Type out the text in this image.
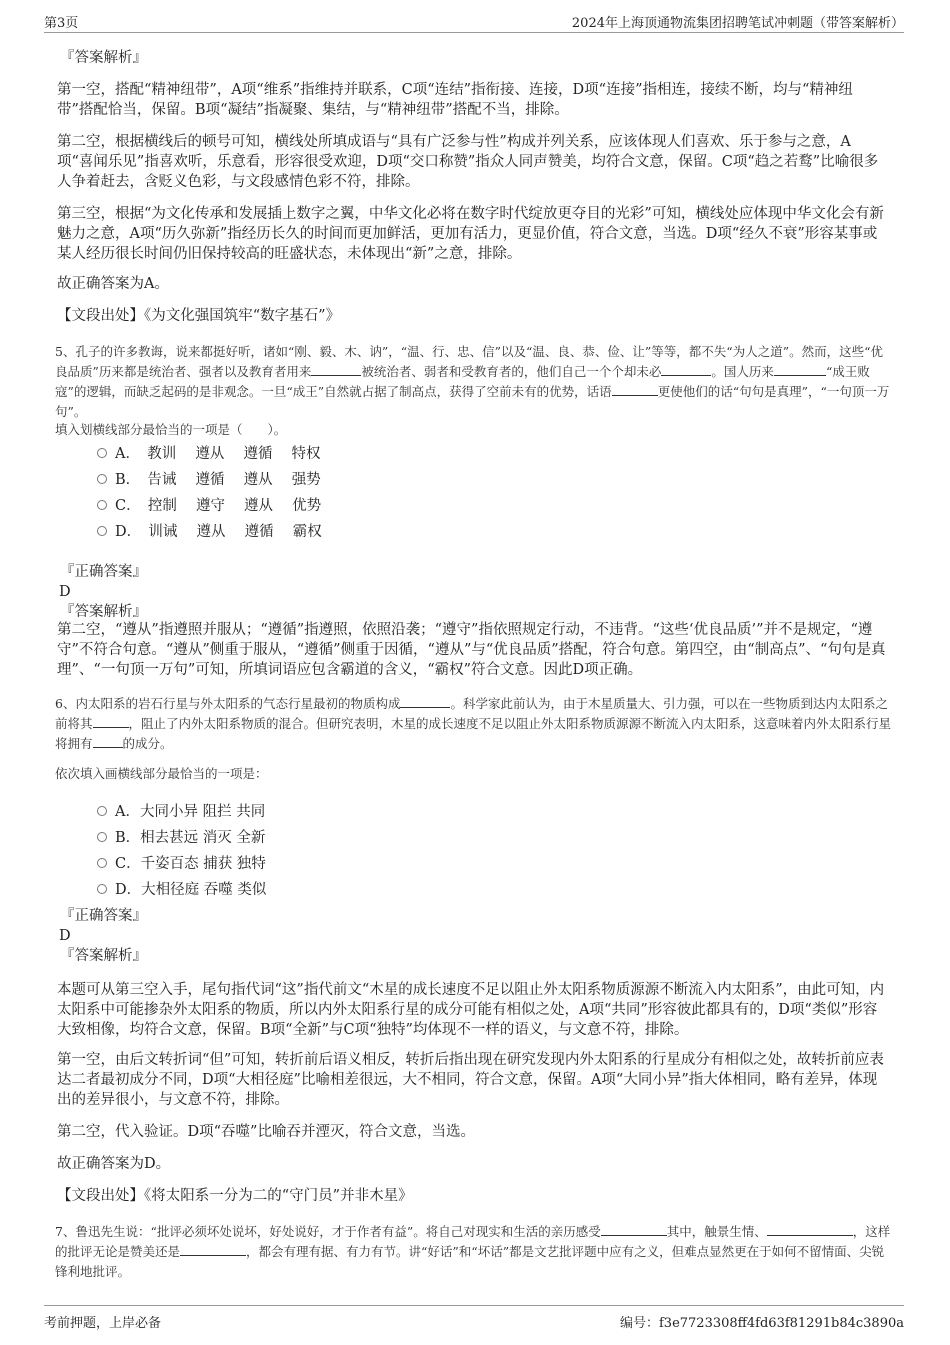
第3页	2024年上海顶通物流集团招聘笔试冲刺题（带答案解析）
『答案解析』

第一空，搭配“精神纽带”，A项“维系”指维持并联系，C项“连结”指衔接、连接，D项“连接”指相连，接续不断，均与“精神纽带”搭配恰当，保留。B项“凝结”指凝聚、集结，与“精神纽带”搭配不当，排除。

第二空，根据横线后的顿号可知，横线处所填成语与“具有广泛参与性”构成并列关系，应该体现人们喜欢、乐于参与之意，A项“喜闻乐见”指喜欢听，乐意看，形容很受欢迎，D项“交口称赞”指众人同声赞美，均符合文意，保留。C项“趋之若鹜”比喻很多人争着赶去，含贬义色彩，与文段感情色彩不符，排除。

第三空，根据“为文化传承和发展插上数字之翼，中华文化必将在数字时代绽放更夺目的光彩”可知，横线处应体现中华文化会有新魅力之意，A项“历久弥新”指经历长久的时间而更加鲜活，更加有活力，更显价值，符合文意，当选。D项“经久不衰”形容某事或某人经历很长时间仍旧保持较高的旺盛状态，未体现出“新”之意，排除。

故正确答案为A。

【文段出处】《为文化强国筑牢“数字基石”》

5、孔子的许多教诲，说来都挺好听，诸如“刚、毅、木、讷”，“温、行、忠、信”以及“温、良、恭、俭、让”等等，都不失“为人之道”。然而，这些“优良品质”历来都是统治者、强者以及教育者用来	被统治者、弱者和受教育者的，他们自己一个个却未必	。国人历来	“成王败寇”的逻辑，而缺乏起码的是非观念。一旦“成王”自然就占据了制高点，获得了空前未有的优势，话语	更使他们的话“句句是真理”，“一句顶一万句”。

填入划横线部分最恰当的一项是（　　）。

A．　教训　 遵从　 遵循　 特权
B．　告诫　 遵循　 遵从　 强势
C．　控制　 遵守　 遵从　 优势
D．　训诫　 遵从　 遵循　 霸权
『正确答案』
D
『答案解析』

第二空，“遵从”指遵照并服从；“遵循”指遵照，依照沿袭；“遵守”指依照规定行动，不违背。“这些‘优良品质’”并不是规定，“遵守”不符合句意。“遵从”侧重于服从，“遵循”侧重于因循，“遵从”与“优良品质”搭配，符合句意。第四空，由“制高点”、“句句是真理”、“一句顶一万句”可知，所填词语应包含霸道的含义，“霸权”符合文意。因此D项正确。

6、内太阳系的岩石行星与外太阳系的气态行星最初的物质构成	。科学家此前认为，由于木星质量大、引力强，可以在一些物质到达内太阳系之前将其	，阻止了内外太阳系物质的混合。但研究表明，木星的成长速度不足以阻止外太阳系物质源源不断流入内太阳系，这意味着内外太阳系行星将拥有 的成分。

依次填入画横线部分最恰当的一项是：

A．大同小异 阻拦 共同
B．相去甚远 消灭 全新
C．千姿百态 捕获 独特
D．大相径庭 吞噬 类似
『正确答案』
D
『答案解析』

本题可从第三空入手，尾句指代词“这”指代前文“木星的成长速度不足以阻止外太阳系物质源源不断流入内太阳系”，由此可知，内太阳系中可能掺杂外太阳系的物质，所以内外太阳系行星的成分可能有相似之处，A项“共同”形容彼此都具有的，D项“类似”形容大致相像，均符合文意，保留。B项“全新”与C项“独特”均体现不一样的语义，与文意不符，排除。

第一空，由后文转折词“但”可知，转折前后语义相反，转折后指出现在研究发现内外太阳系的行星成分有相似之处，故转折前应表达二者最初成分不同，D项“大相径庭”比喻相差很远，大不相同，符合文意，保留。A项“大同小异”指大体相同，略有差异，体现出的差异很小，与文意不符，排除。

第二空，代入验证。D项“吞噬”比喻吞并湮灭，符合文意，当选。

故正确答案为D。

【文段出处】《将太阳系一分为二的“守门员”并非木星》

7、鲁迅先生说：“批评必须坏处说坏，好处说好，才于作者有益”。将自己对现实和生活的亲历感受	其中，触景生情、	，这样的批评无论是赞美还是	，都会有理有据、有力有节。讲“好话”和“坏话”都是文艺批评题中应有之义，但难点显然更在于如何不留情面、尖锐锋利地批评。

考前押题，上岸必备	编号：f3e7723308ff4fd63f81291b84c3890a
